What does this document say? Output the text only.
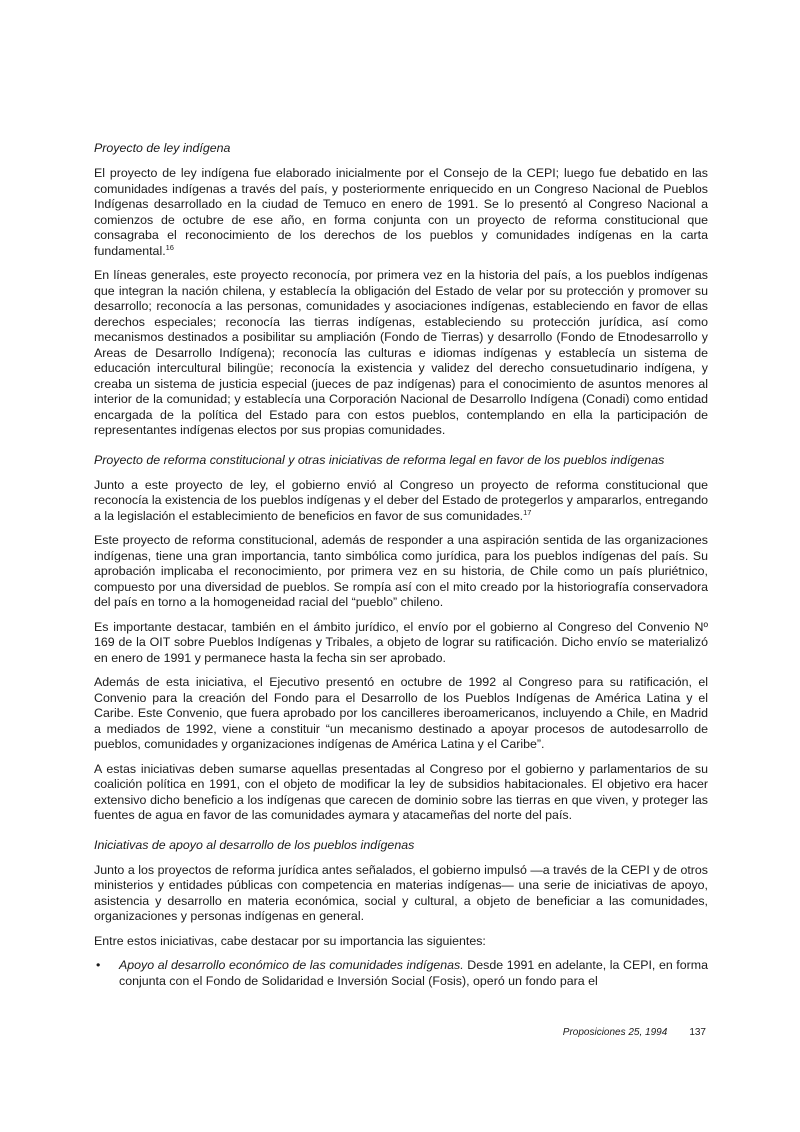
Proyecto de ley indígena

El proyecto de ley indígena fue elaborado inicialmente por el Consejo de la CEPI; luego fue debatido en las comunidades indígenas a través del país, y posteriormente enriquecido en un Congreso Nacional de Pueblos Indígenas desarrollado en la ciudad de Temuco en enero de 1991. Se lo presentó al Congreso Nacional a comienzos de octubre de ese año, en forma conjunta con un proyecto de reforma constitucional que consagraba el reconocimiento de los derechos de los pueblos y comunidades indígenas en la carta fundamental.$^{16}$

En líneas generales, este proyecto reconocía, por primera vez en la historia del país, a los pueblos indígenas que integran la nación chilena, y establecía la obligación del Estado de velar por su protección y promover su desarrollo; reconocía a las personas, comunidades y asociaciones indígenas, estableciendo en favor de ellas derechos especiales; reconocía las tierras indígenas, estableciendo su protección jurídica, así como mecanismos destinados a posibilitar su ampliación (Fondo de Tierras) y desarrollo (Fondo de Etnodesarrollo y Areas de Desarrollo Indígena); reconocía las culturas e idiomas indígenas y establecía un sistema de educación intercultural bilingüe; reconocía la existencia y validez del derecho consuetudinario indígena, y creaba un sistema de justicia especial (jueces de paz indígenas) para el conocimiento de asuntos menores al interior de la comunidad; y establecía una Corporación Nacional de Desarrollo Indígena (Conadi) como entidad encargada de la política del Estado para con estos pueblos, contemplando en ella la participación de representantes indígenas electos por sus propias comunidades.

Proyecto de reforma constitucional y otras iniciativas de reforma legal en favor de los pueblos indígenas

Junto a este proyecto de ley, el gobierno envió al Congreso un proyecto de reforma constitucional que reconocía la existencia de los pueblos indígenas y el deber del Estado de protegerlos y ampararlos, entregando a la legislación el establecimiento de beneficios en favor de sus comunidades.$^{17}$

Este proyecto de reforma constitucional, además de responder a una aspiración sentida de las organizaciones indígenas, tiene una gran importancia, tanto simbólica como jurídica, para los pueblos indígenas del país. Su aprobación implicaba el reconocimiento, por primera vez en su historia, de Chile como un país pluriétnico, compuesto por una diversidad de pueblos. Se rompía así con el mito creado por la historiografía conservadora del país en torno a la homogeneidad racial del “pueblo” chileno.

Es importante destacar, también en el ámbito jurídico, el envío por el gobierno al Congreso del Convenio Nº 169 de la OIT sobre Pueblos Indígenas y Tribales, a objeto de lograr su ratificación. Dicho envío se materializó en enero de 1991 y permanece hasta la fecha sin ser aprobado.

Además de esta iniciativa, el Ejecutivo presentó en octubre de 1992 al Congreso para su ratificación, el Convenio para la creación del Fondo para el Desarrollo de los Pueblos Indígenas de América Latina y el Caribe. Este Convenio, que fuera aprobado por los cancilleres iberoamericanos, incluyendo a Chile, en Madrid a mediados de 1992, viene a constituir “un mecanismo destinado a apoyar procesos de autodesarrollo de pueblos, comunidades y organizaciones indígenas de América Latina y el Caribe”.

A estas iniciativas deben sumarse aquellas presentadas al Congreso por el gobierno y parlamentarios de su coalición política en 1991, con el objeto de modificar la ley de subsidios habitacionales. El objetivo era hacer extensivo dicho beneficio a los indígenas que carecen de dominio sobre las tierras en que viven, y proteger las fuentes de agua en favor de las comunidades aymara y atacameñas del norte del país.

Iniciativas de apoyo al desarrollo de los pueblos indígenas

Junto a los proyectos de reforma jurídica antes señalados, el gobierno impulsó —a través de la CEPI y de otros ministerios y entidades públicas con competencia en materias indígenas— una serie de iniciativas de apoyo, asistencia y desarrollo en materia económica, social y cultural, a objeto de beneficiar a las comunidades, organizaciones y personas indígenas en general.

Entre estos iniciativas, cabe destacar por su importancia las siguientes:

• Apoyo al desarrollo económico de las comunidades indígenas. Desde 1991 en adelante, la CEPI, en forma conjunta con el Fondo de Solidaridad e Inversión Social (Fosis), operó un fondo para el
Proposiciones 25, 1994 137
